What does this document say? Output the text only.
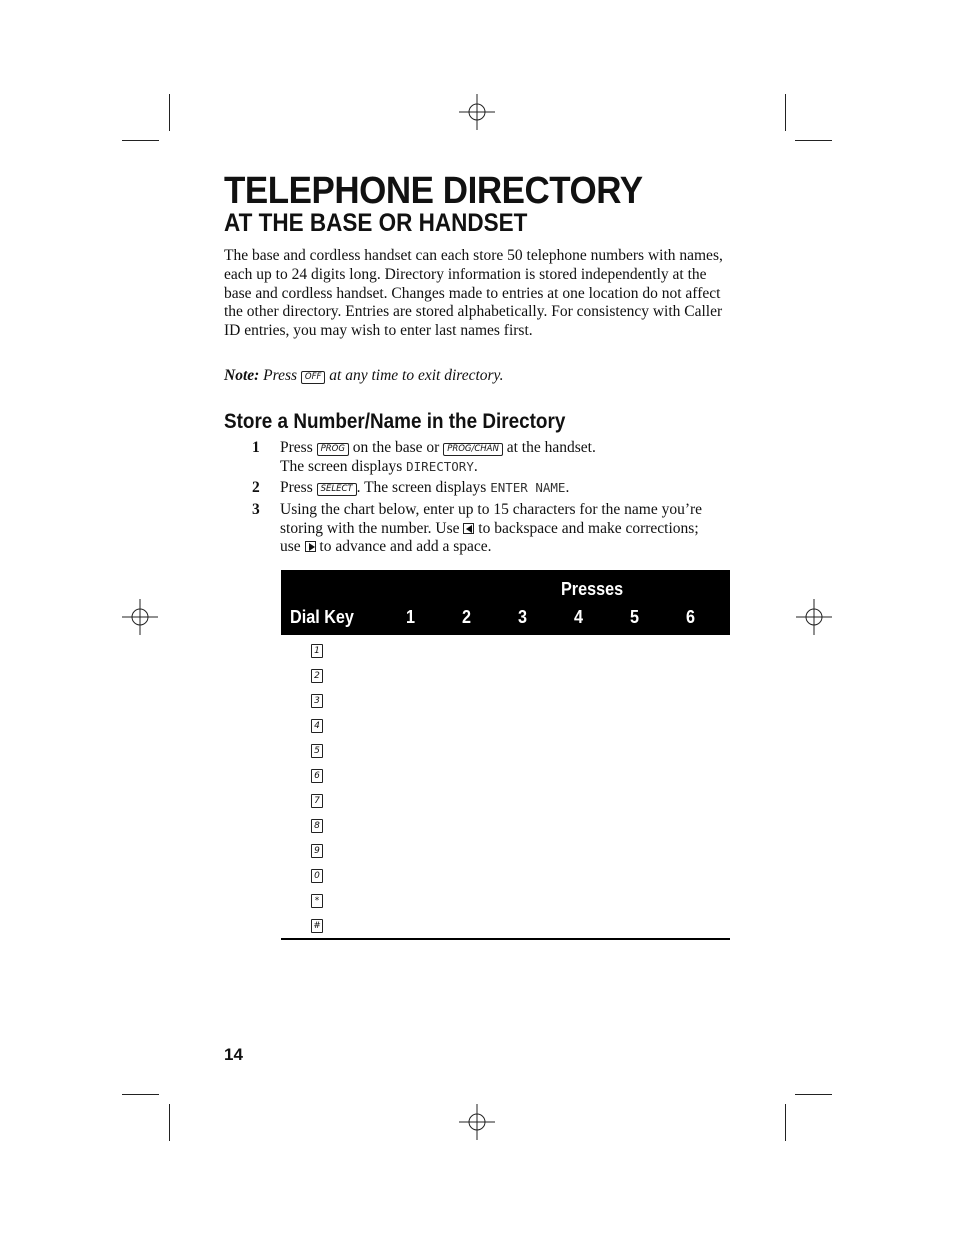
TELEPHONE DIRECTORY
AT THE BASE OR HANDSET

The base and cordless handset can each store 50 telephone numbers with names, each up to 24 digits long. Directory information is stored independently at the base and cordless handset. Changes made to entries at one location do not affect the other directory. Entries are stored alphabetically. For consistency with Caller ID entries, you may wish to enter last names first.

Note: Press OFF at any time to exit directory.

Store a Number/Name in the Directory
1 Press PROG on the base or PROG/CHAN at the handset.
The screen displays DIRECTORY.
2 Press SELECT . The screen displays ENTER NAME.
3 Using the chart below, enter up to 15 characters for the name you’re storing with the number. Use to backspace and make corrections; use to advance and add a space.
Presses
Dial Key	1	2	3	4	5	6
1
2
3
4
5
6
7
8
9
0
*
#

14
